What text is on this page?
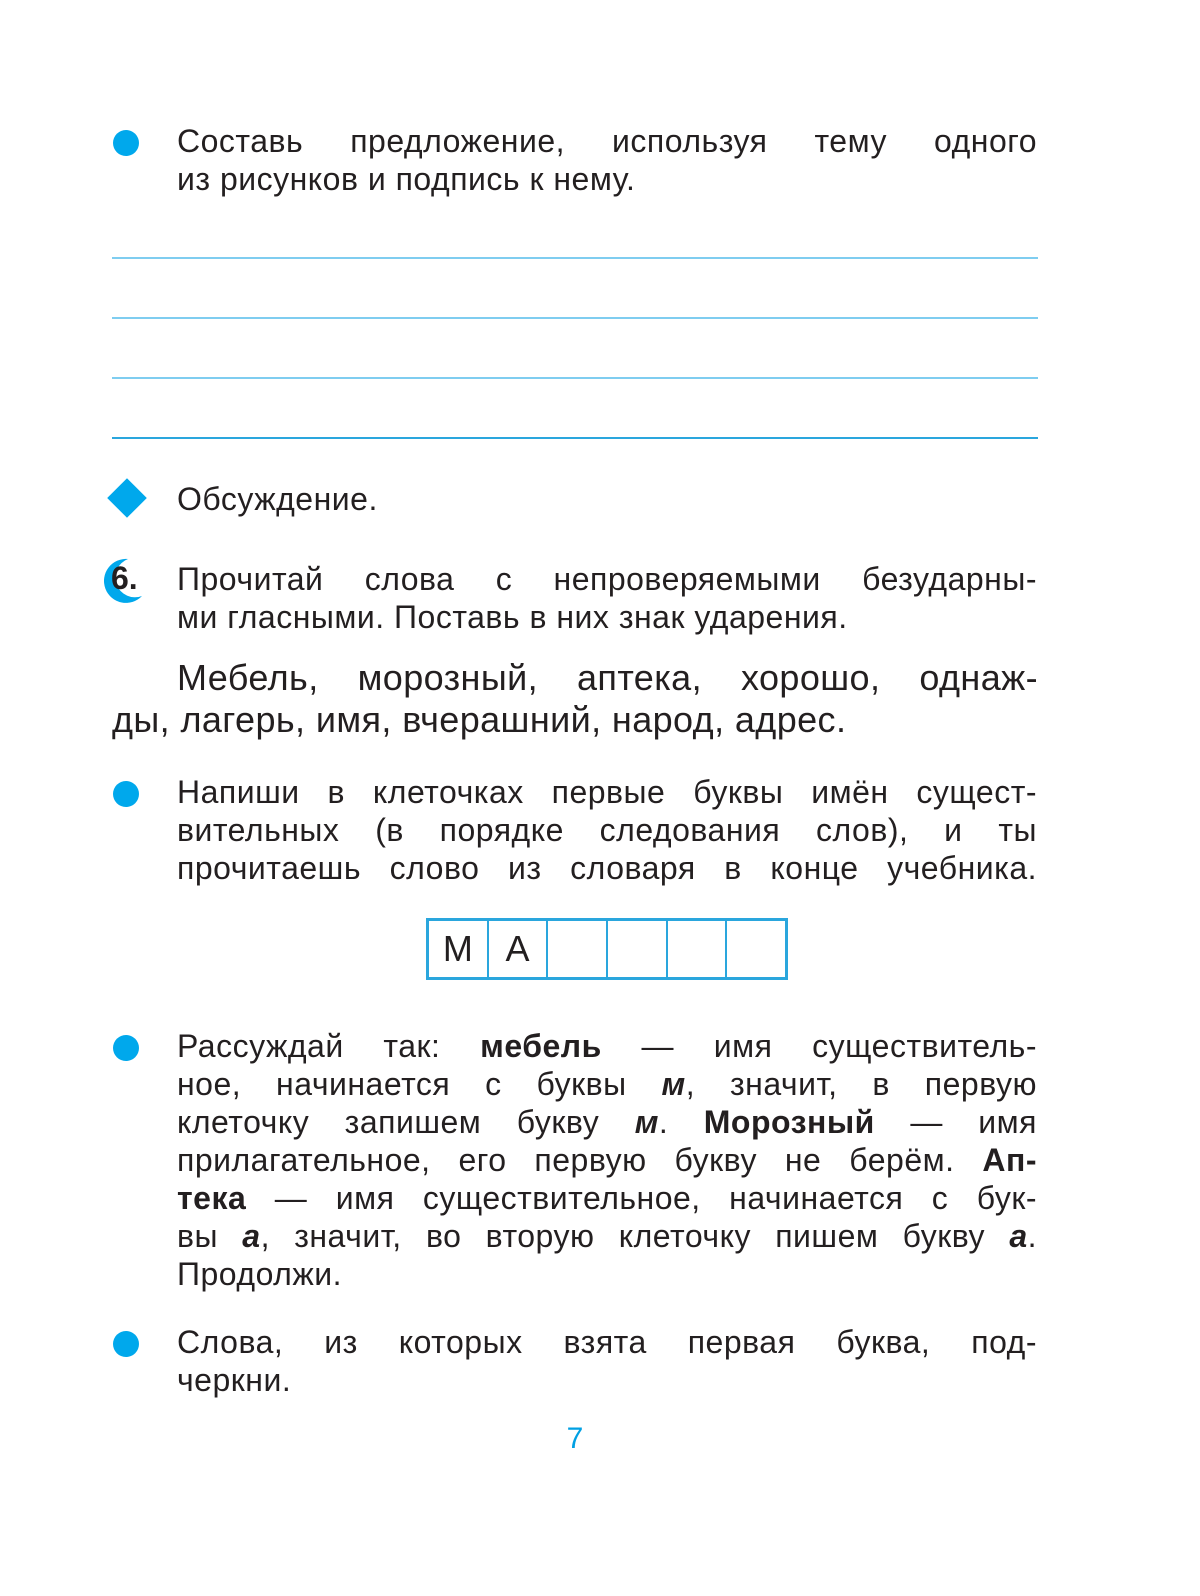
Составь предложение, используя тему одного
из рисунков и подпись к нему.
Обсуждение.
6. Прочитай слова с непроверяемыми безударны-
ми гласными. Поставь в них знак ударения.
Мебель, морозный, аптека, хорошо, однаж-
ды, лагерь, имя, вчерашний, народ, адрес.
Напиши в клеточках первые буквы имён сущест-
вительных (в порядке следования слов), и ты
прочитаешь слово из словаря в конце учебника.
М А
Рассуждай так: мебель — имя существитель-
ное, начинается с буквы м, значит, в первую
клеточку запишем букву м. Морозный — имя
прилагательное, его первую букву не берём. Ап-
тека — имя существительное, начинается с бук-
вы а, значит, во вторую клеточку пишем букву а.
Продолжи.
Слова, из которых взята первая буква, под-
черкни.
7
